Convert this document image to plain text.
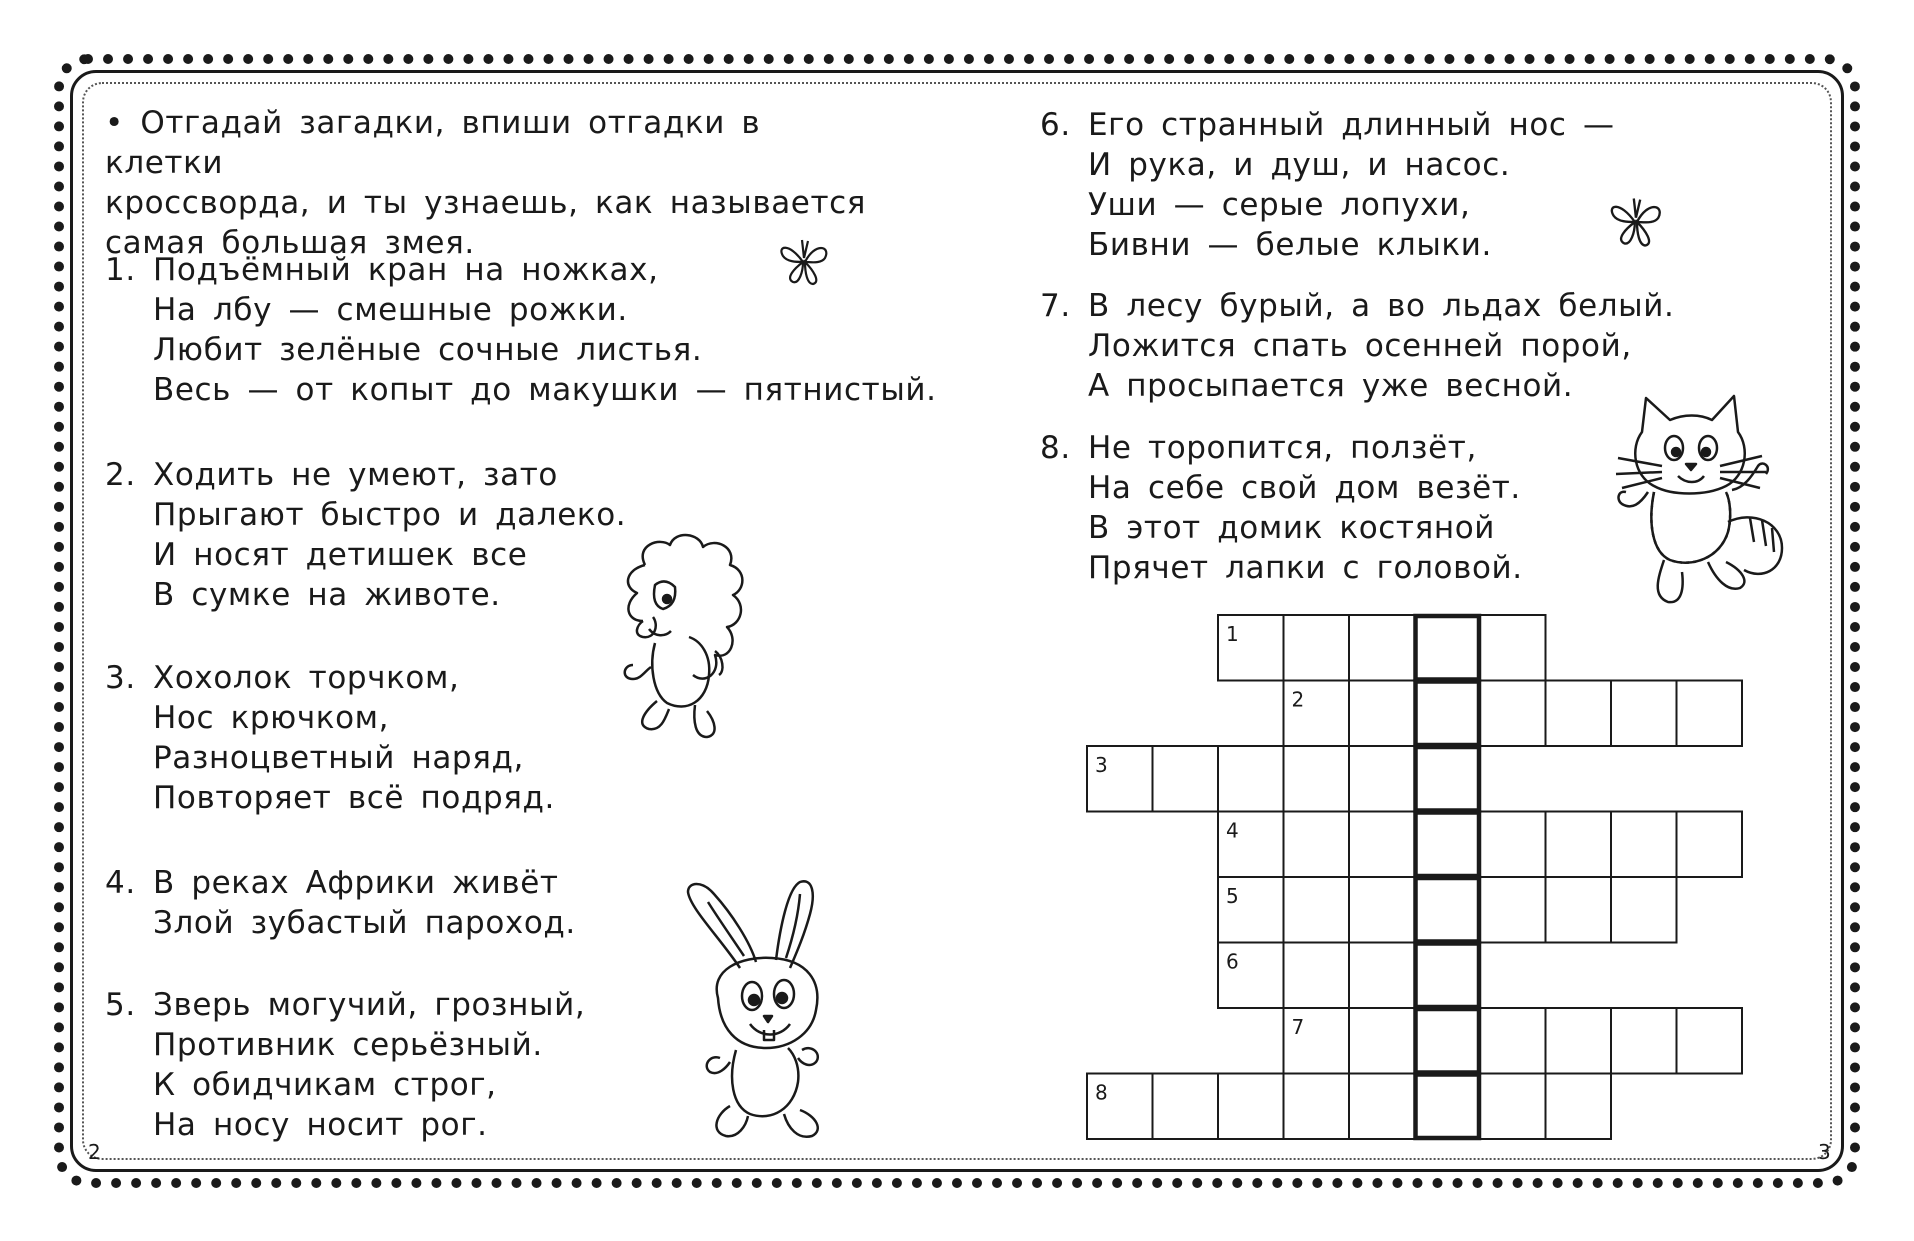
• Отгадай загадки, впиши отгадки в клетки
кроссворда, и ты узнаешь, как называется
самая большая змея.
1. Подъёмный кран на ножках,
На лбу — смешные рожки.
Любит зелёные сочные листья.
Весь — от копыт до макушки — пятнистый.
2. Ходить не умеют, зато
Прыгают быстро и далеко.
И носят детишек все
В сумке на животе.
3. Хохолок торчком,
Нос крючком,
Разноцветный наряд,
Повторяет всё подряд.
4. В реках Африки живёт
Злой зубастый пароход.
5. Зверь могучий, грозный,
Противник серьёзный.
К обидчикам строг,
На носу носит рог.
6. Его странный длинный нос —
И рука, и душ, и насос.
Уши — серые лопухи,
Бивни — белые клыки.
7. В лесу бурый, а во льдах белый.
Ложится спать осенней порой,
А просыпается уже весной.
8. Не торопится, ползёт,
На себе свой дом везёт.
В этот домик костяной
Прячет лапки с головой.
1
2
3
4
5
6
7
8
2	3
